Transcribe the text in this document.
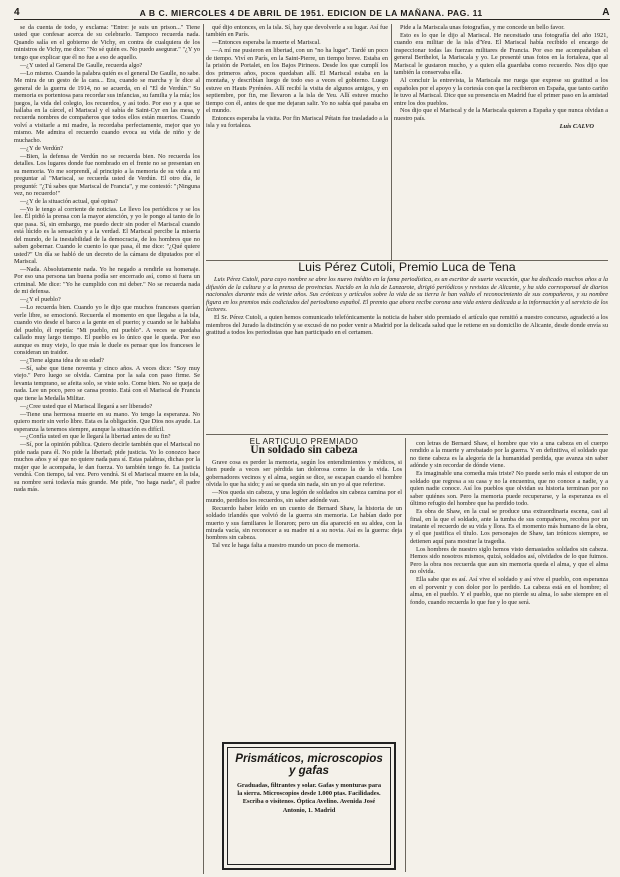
4	A B C. MIERCOLES 4 DE ABRIL DE 1951. EDICION DE LA MAÑANA. PAG. 11	A

se da cuenta de todo, y exclama: "Entre: je suis un prison..." Tiene usted que confesar acerca de su celebrarlo. Tampoco recuerda nada. Quando salía en el gobierno de Vichy, en contra de cualquiera de los ministros de Vichy, me dice: "No sé quién es. No puedo asegurar." "¿Y yo tengo que explicar que él no fue a eso de aquello.

—¿Y usted al General De Gaulle, recuerda algo?

—Lo mismo. Cuando la palabra quién es el general De Gaulle, no sabe. Me mira de un gesto de la cara... Era, cuando se marcha y le dice al general de la guerra de 1914, no se acuerda, en el "El de Verdún." Su memoria es portentosa para recordar sus infancias, su familia y la mía; los juegos, la vida del colegio, los recuerdos, y así todo. Por eso y a que se hallaba en la cárcel, el Mariscal y el sabía de Saint-Cyr en las mesa, y recuerda nombres de compañeros que todos ellos están muertos. Cuando volví a visitarle a mi madre, la recordaba perfectamente, mejor que yo mismo. Me admira el recuerdo cuando evoca su vida de niño y de muchacho.

—¿Y de Verdún?

—Bien, la defensa de Verdún no se recuerda bien. No recuerda los detalles. Los lugares donde fue nombrado en el frente no se presentan en su memoria. Yo me sorprendí, al principio a la memoria de su vida a mi preguntar al "Mariscal, se recuerda usted de Verdún. El otro día, le pregunté: "¿Tú sabes que Mariscal de Francia", y me contestó: "¡Ninguna vez, no recuerdo!"

—¿Y de la situación actual, qué opina?

—Yo le tengo al corriente de noticias. Le llevo los periódicos y se los lee. Él pidió la prensa con la mayor atención, y yo le pongo al tanto de lo que pasa. Sí, sin embargo, me puedo decir sin poder el Mariscal cuando está lúcido es la sensación y a la verdad. El Mariscal percibe la miseria del mundo, de la inestabilidad de la democracia, de los hombres que no saben gobernar. Cuando le cuento lo que pasa, él me dice: "¿Qué quiere usted?" Un día se habló de un decreto de la cámara de diputados por el Mariscal.

—Nada. Absolutamente nada. Yo he negado a rendirle su homenaje. Por eso una persona tan buena podía ser encerrado así, como si fuera un criminal. Me dice: "Yo he cumplido con mi deber." No se recuerda nada de mi defensa.

—¿Y el pueblo?

—Lo recuerda bien. Cuando yo le dijo que muchos franceses querían verle libre, se emocionó. Recuerda el momento en que llegaba a la isla, cuando vio desde el barco a la gente en el puerto; y cuando se le hablaba del pueblo, él repetía: "Mi pueblo, mi pueblo". A veces se quedaba callado muy largo tiempo. El pueblo es lo único que le queda. Por eso aunque es muy viejo, lo que más le duele es pensar que los franceses le consideran un traidor.

—¿Tiene alguna idea de su edad?

—Sí, sabe que tiene noventa y cinco años. A veces dice: "Soy muy viejo." Pero luego se olvida. Camina por la sala con paso firme. Se levanta temprano, se afeita solo, se viste solo. Come bien. No se queja de nada. Lee un poco, pero se cansa pronto. Está con el Mariscal de Francia que tiene la Medalla Militar.

—¿Cree usted que el Mariscal llegará a ser liberado?

—Tiene una hermosa muerte en su mano. Yo tengo la esperanza. No quiero morir sin verlo libre. Esta es la obligación. Que Dios nos ayude. La esperanza la tenemos siempre, aunque la situación es difícil.

—¿Confía usted en que le llegará la libertad antes de su fin?

—Sí, por la opinión pública. Quiero decirle también que el Mariscal no pide nada para él. No pide la libertad; pide justicia. Yo lo conozco hace muchos años y sé que no quiere nada para sí. Estas palabras, dichas por la mujer que le acompaña, le dan fuerza. Yo también tengo fe. La justicia vendrá. Con tiempo, tal vez. Pero vendrá. Si el Mariscal muere en la isla, su nombre será todavía más grande. Me pide, "no haga nada", él padre nada más.

qué dijo entonces, en la isla. Sí, hay que devolverle a su lugar. Así fue también en París.

—Entonces esperaba la muerte el Mariscal.

—A mí me pusieron en libertad, con un "no ha lugar". Tardé un poco de tiempo. Viví en París, en la Saint-Pierre, un tiempo breve. Estaba en la prisión de Portalet, en los Bajos Pirineos. Desde los que cumplí los dos primeros años, pocos quedaban allí. El Mariscal estaba en la montaña, y describían luego de todo eso a veces el gobierno. Luego estuve en Hauts Pyrénées. Allí recibí la visita de algunos amigos, y en septiembre, por fin, me llevaron a la isla de Yeu. Allí estuve mucho tiempo con él, antes de que me dejaran salir. Yo no sabía qué pasaba en el mundo.

Entonces esperaba la visita. Por fin Mariscal Pétain fue trasladado a la isla y su fortaleza.

Pide a la Mariscala unas fotografías, y me concede un bello favor.

Esto es lo que le dijo al Mariscal. He necesitado una fotografía del año 1921, cuando era militar de la isla d'Yeu. El Mariscal había recibido el encargo de inspeccionar todas las fuerzas militares de Francia. Por eso me acompañaban el general Berthelot, la Mariscala y yo. Le presenté unas fotos en la fortaleza, que al Mariscal le gustaron mucho, y a quien ella guardaba como recuerdo. Nos dijo que también la conservaba ella.

Al concluir la entrevista, la Mariscala me ruega que exprese su gratitud a los españoles por el apoyo y la cortesía con que la recibieron en España, que tanto cariño le tuvo al Mariscal. Dice que su presencia en Madrid fue el primer paso en la amistad entre los dos pueblos.

Nos dijo que el Mariscal y de la Mariscala quieren a España y que nunca olvidan a nuestro país.

Luis CALVO
Luis Pérez Cutoli, Premio Luca de Tena

Luis Pérez Cutoli, para cuyo nombre se abre los nuevo inédito en la fama periodística, es un escritor de suerte vocación, que ha dedicado muchos años a la difusión de la cultura y a la prensa de provincias. Nacido en la isla de Lanzarote, dirigió periódicos y revistas de Alicante, y ha sido corresponsal de diarios nacionales durante más de veinte años. Sus crónicas y artículos sobre la vida de su tierra le han valido el reconocimiento de sus compañeros, y su nombre figura en los premios más codiciados del periodismo español. El premio que ahora recibe corona una vida entera dedicada a la información y al servicio de los lectores.

El Sr. Pérez Cutoli, a quien hemos comunicado telefónicamente la noticia de haber sido premiado el artículo que remitió a nuestro concurso, agradeció a los miembros del Jurado la distinción y se excusó de no poder venir a Madrid por la delicada salud que le retiene en su domicilio de Alicante, desde donde envía su gratitud a todos los periodistas que han participado en el certamen.

EL ARTICULO PREMIADO
Un soldado sin cabeza

Grave cosa es perder la memoria, según los entendimientos y médicos, si bien puede a veces ser pérdida tan dolorosa como la de la vida. Los gobernadores vecinos y el alma, según se dice, se escapan cuando el hombre olvida lo que ha sido; y así se queda sin nada, sin un yo al que referirse.

—Nos queda sin cabeza, y una legión de soldados sin cabeza camina por el mundo, perdidos los recuerdos, sin saber adónde van.

Recuerdo haber leído en un cuento de Bernard Shaw, la historia de un soldado irlandés que volvió de la guerra sin memoria. Le habían dado por muerto y sus familiares le lloraron; pero un día apareció en su aldea, con la mirada vacía, sin reconocer a su madre ni a su novia. Así es la guerra: deja hombres sin cabeza.

Tal vez le haga falta a nuestro mundo un poco de memoria.

con letras de Bernard Shaw, el hombre que vio a una cabeza en el cuerpo rendido a la muerte y arrebatado por la guerra. Y en definitiva, el soldado que no tiene cabeza es la alegoría de la humanidad perdida, que avanza sin saber adónde y sin recordar de dónde viene.

Es imaginable una comedia más triste? No puede serlo más el estupor de un soldado que regresa a su casa y no la encuentra, que no conoce a nadie, y a quien nadie conoce. Así los pueblos que olvidan su historia terminan por no saber quiénes son. Pero la memoria puede recuperarse, y la esperanza es el último refugio del hombre que ha perdido todo.

Es obra de Shaw, en la cual se produce una extraordinaria escena, casi al final, en la que el soldado, ante la tumba de sus compañeros, recobra por un instante el recuerdo de su vida y llora. Es el momento más humano de la obra, y el que justifica el título. Los personajes de Shaw, tan irónicos siempre, se detienen aquí para mostrar la tragedia.

Los hombres de nuestro siglo hemos visto demasiados soldados sin cabeza. Hemos sido nosotros mismos, quizá, soldados así, olvidados de lo que fuimos. Pero la obra nos recuerda que aun sin memoria queda el alma, y que el alma no olvida.

Ella sabe que es así. Así vive el soldado y así vive el pueblo, con esperanza en el porvenir y con dolor por lo perdido. La cabeza está en el hombre; el alma, en el pueblo. Y el pueblo, que no pierde su alma, lo sabe siempre en el fondo, cuando recuerda lo que fue y lo que será.

Prismáticos, microscopios y gafas
Graduadas, filtrantes y solar. Gafas y monturas para la sierra. Microscopios desde 1.000 ptas. Facilidades. Escriba o visítenos. Óptica Avelino. Avenida José Antonio, 1. Madrid
